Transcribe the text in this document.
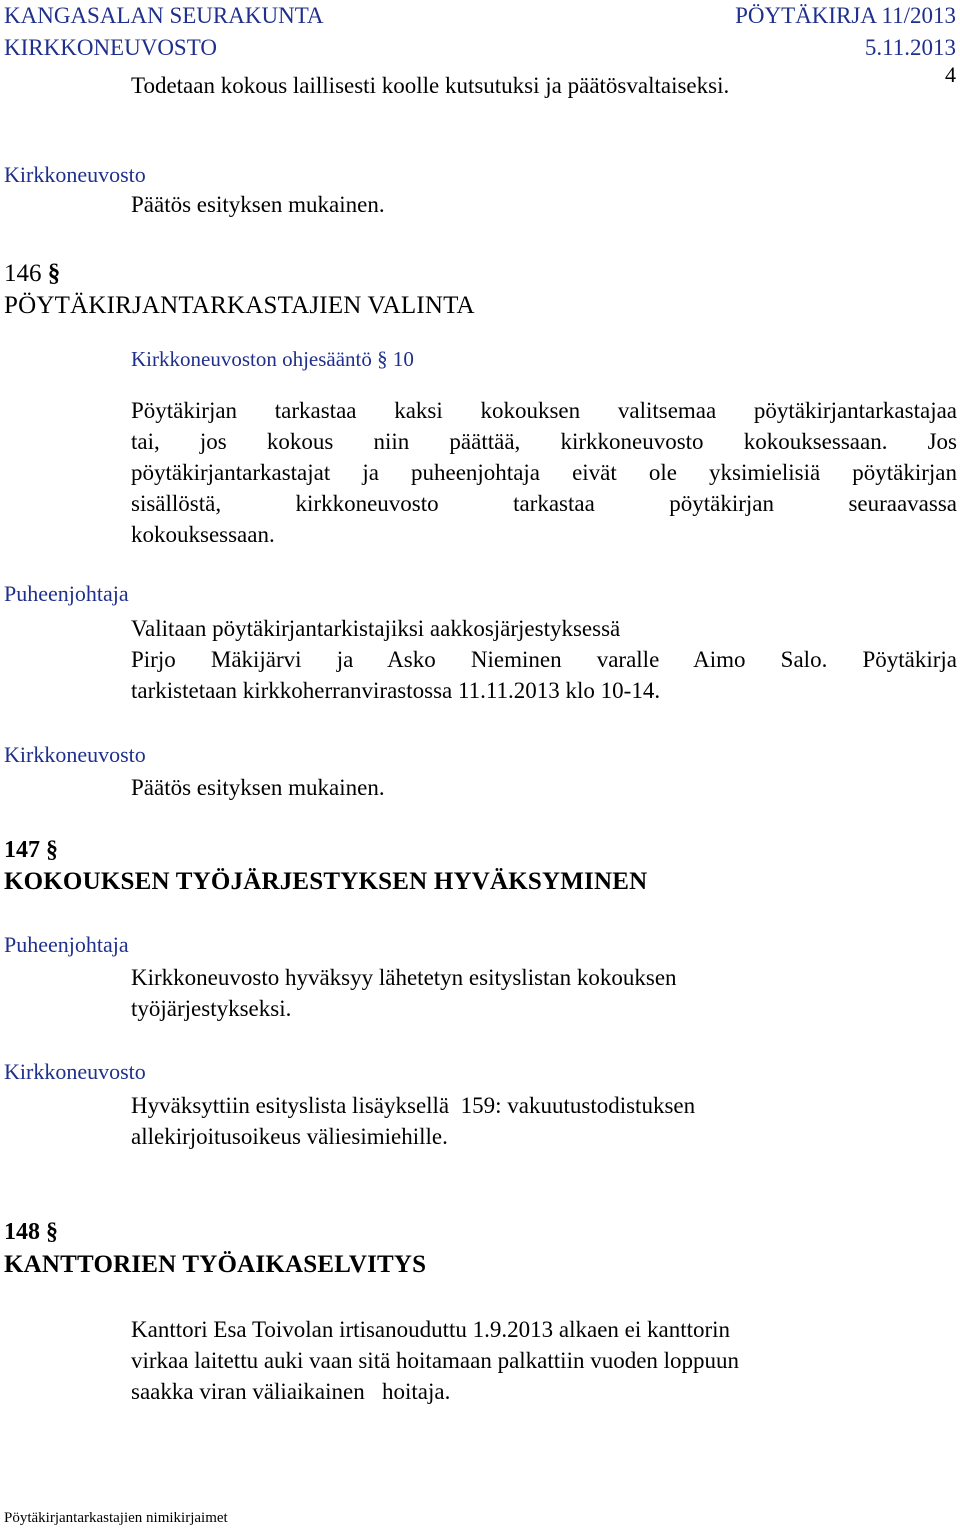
KANGASALAN SEURAKUNTA	PÖYTÄKIRJA 11/2013
KIRKKONEUVOSTO	5.11.2013
4
Todetaan kokous laillisesti koolle kutsutuksi ja päätösvaltaiseksi.
Kirkkoneuvosto
Päätös esityksen mukainen.
146 §
PÖYTÄKIRJANTARKASTAJIEN VALINTA
Kirkkoneuvoston ohjesääntö § 10
Pöytäkirjan tarkastaa kaksi kokouksen valitsemaa pöytäkirjantarkastajaa
tai, jos kokous niin päättää, kirkkoneuvosto kokouksessaan. Jos
pöytäkirjantarkastajat ja puheenjohtaja eivät ole yksimielisiä pöytäkirjan
sisällöstä, kirkkoneuvosto tarkastaa pöytäkirjan seuraavassa
kokouksessaan.
Puheenjohtaja
Valitaan pöytäkirjantarkistajiksi aakkosjärjestyksessä
Pirjo Mäkijärvi ja Asko Nieminen varalle Aimo Salo. Pöytäkirja
tarkistetaan kirkkoherranvirastossa 11.11.2013 klo 10-14.
Kirkkoneuvosto
Päätös esityksen mukainen.
147 §
KOKOUKSEN TYÖJÄRJESTYKSEN HYVÄKSYMINEN
Puheenjohtaja
Kirkkoneuvosto hyväksyy lähetetyn esityslistan kokouksen
työjärjestykseksi.
Kirkkoneuvosto
Hyväksyttiin esityslista lisäyksellä  159: vakuutustodistuksen
allekirjoitusoikeus väliesimiehille.
148 §
KANTTORIEN TYÖAIKASELVITYS
Kanttori Esa Toivolan irtisanouduttu 1.9.2013 alkaen ei kanttorin
virkaa laitettu auki vaan sitä hoitamaan palkattiin vuoden loppuun
saakka viran väliaikainen   hoitaja.
Pöytäkirjantarkastajien nimikirjaimet
